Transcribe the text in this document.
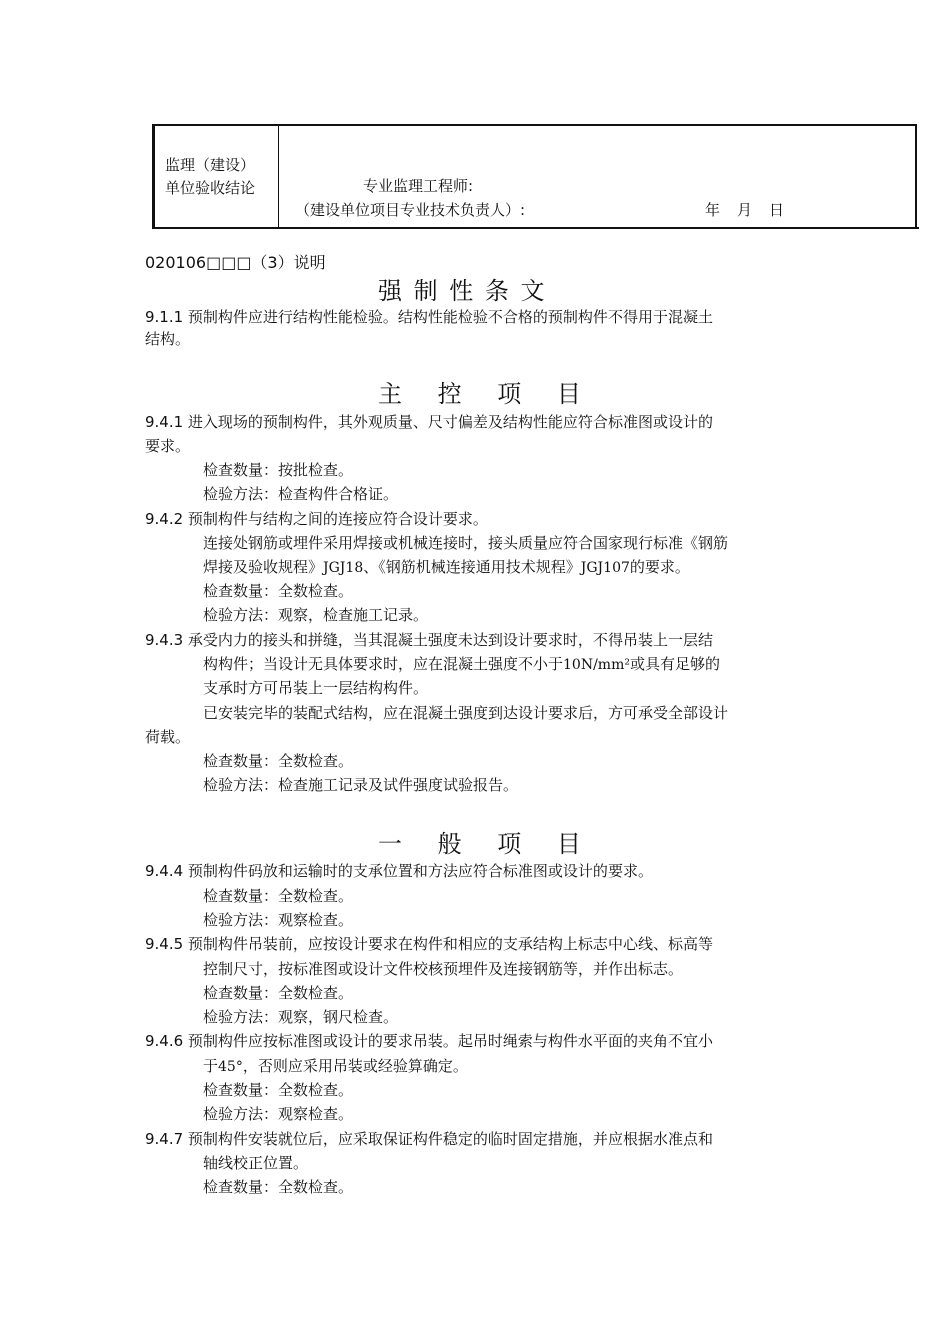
监理（建设）
单位验收结论	专业监理工程师:
（建设单位项目专业技术负责人）:	年 月 日
020106□□□（3）说明
强 制 性 条 文
9.1.1 预制构件应进行结构性能检验。结构性能检验不合格的预制构件不得用于混凝土
结构。
主 控 项 目
9.4.1 进入现场的预制构件，其外观质量、尺寸偏差及结构性能应符合标准图或设计的
要求。
检查数量：按批检查。
检验方法：检查构件合格证。
9.4.2 预制构件与结构之间的连接应符合设计要求。
连接处钢筋或埋件采用焊接或机械连接时，接头质量应符合国家现行标准《钢筋
焊接及验收规程》JGJ18、《钢筋机械连接通用技术规程》JGJ107的要求。
检查数量：全数检查。
检验方法：观察，检查施工记录。
9.4.3 承受内力的接头和拼缝，当其混凝土强度未达到设计要求时，不得吊装上一层结
构构件；当设计无具体要求时，应在混凝土强度不小于10N/mm²或具有足够的
支承时方可吊装上一层结构构件。
已安装完毕的装配式结构，应在混凝土强度到达设计要求后，方可承受全部设计
荷载。
检查数量：全数检查。
检验方法：检查施工记录及试件强度试验报告。
一 般 项 目
9.4.4 预制构件码放和运输时的支承位置和方法应符合标准图或设计的要求。
检查数量：全数检查。
检验方法：观察检查。
9.4.5 预制构件吊装前，应按设计要求在构件和相应的支承结构上标志中心线、标高等
控制尺寸，按标准图或设计文件校核预埋件及连接钢筋等，并作出标志。
检查数量：全数检查。
检验方法：观察，钢尺检查。
9.4.6 预制构件应按标准图或设计的要求吊装。起吊时绳索与构件水平面的夹角不宜小
于45°，否则应采用吊装或经验算确定。
检查数量：全数检查。
检验方法：观察检查。
9.4.7 预制构件安装就位后，应采取保证构件稳定的临时固定措施，并应根据水准点和
轴线校正位置。
检查数量：全数检查。
